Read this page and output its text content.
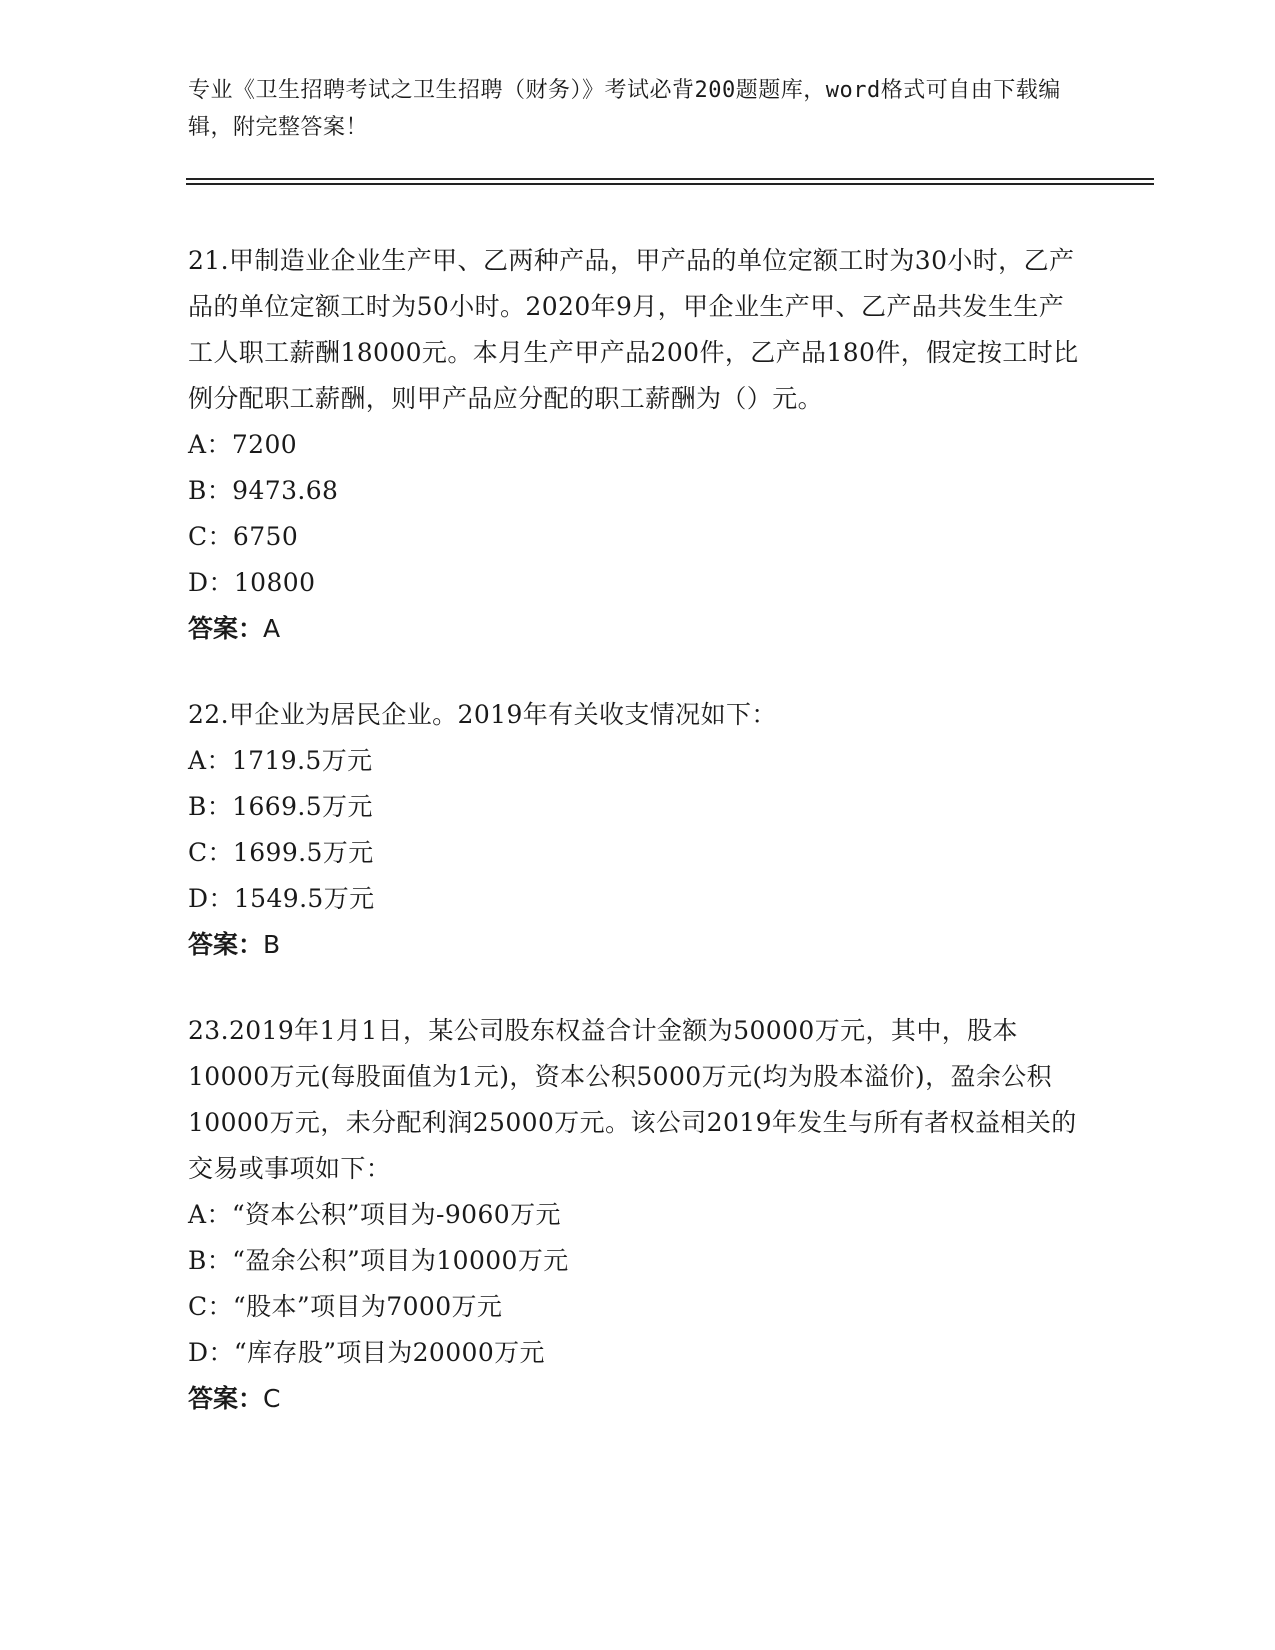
专业《卫生招聘考试之卫生招聘（财务）》考试必背200题题库，word格式可自由下载编辑，附完整答案！
21.甲制造业企业生产甲、乙两种产品，甲产品的单位定额工时为30小时，乙产品的单位定额工时为50小时。2020年9月，甲企业生产甲、乙产品共发生生产工人职工薪酬18000元。本月生产甲产品200件，乙产品180件，假定按工时比例分配职工薪酬，则甲产品应分配的职工薪酬为（）元。
A：7200
B：9473.68
C：6750
D：10800
答案：A
22.甲企业为居民企业。2019年有关收支情况如下：
A：1719.5万元
B：1669.5万元
C：1699.5万元
D：1549.5万元
答案：B
23.2019年1月1日，某公司股东权益合计金额为50000万元，其中，股本10000万元(每股面值为1元)，资本公积5000万元(均为股本溢价)，盈余公积10000万元，未分配利润25000万元。该公司2019年发生与所有者权益相关的交易或事项如下：
A：“资本公积”项目为-9060万元
B：“盈余公积”项目为10000万元
C：“股本”项目为7000万元
D：“库存股”项目为20000万元
答案：C
